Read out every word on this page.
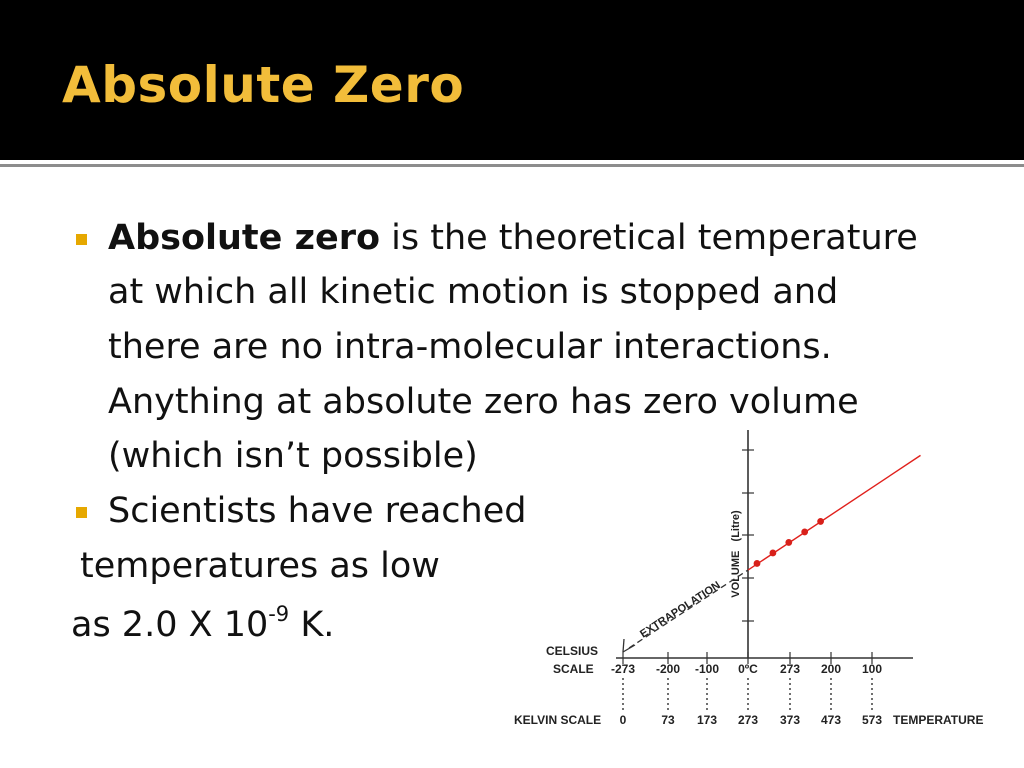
Absolute Zero
Absolute zero is the theoretical temperature
at which all kinetic motion is stopped and
there are no intra-molecular interactions.
Anything at absolute zero has zero volume
(which isn’t possible)
Scientists have reached
temperatures as low
as 2.0 X $10^{-9}$ K.
VOLUME   (Litre)
EXTRAPOLATION
CELSIUS
SCALE -273 -200 -100 0ºC 273 200 100
KELVIN SCALE 0	73 173 273 373 473 573 TEMPERATURE
